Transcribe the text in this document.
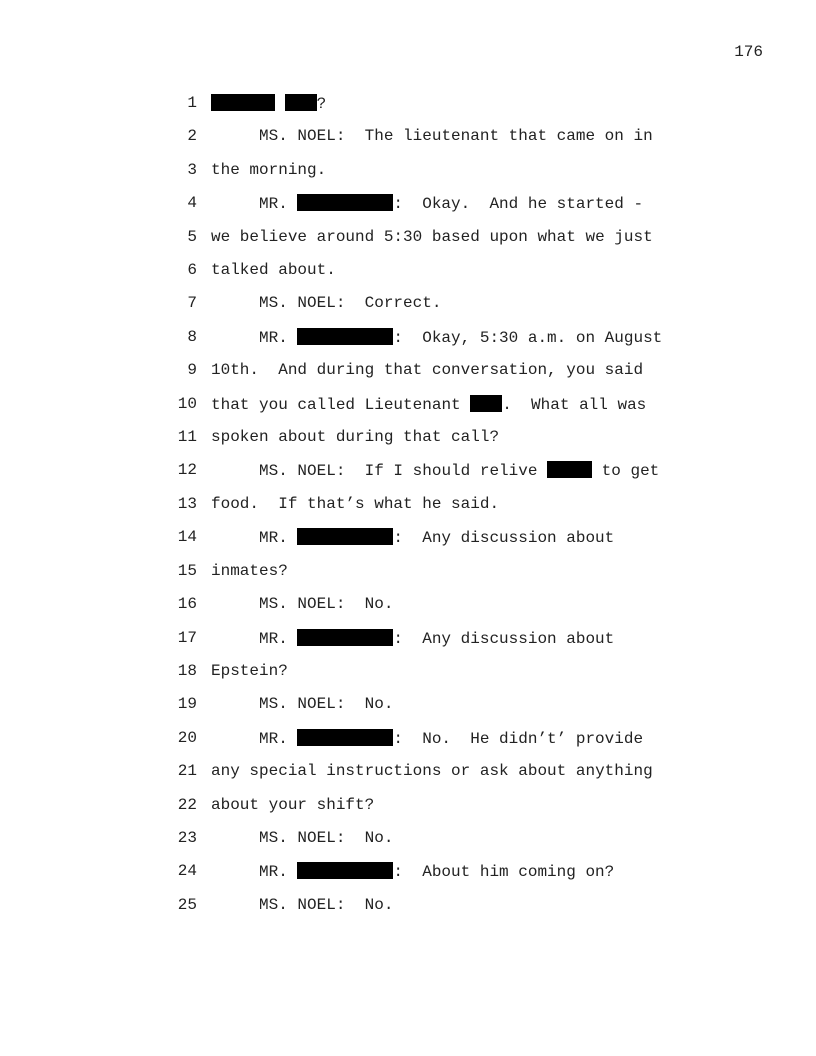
176
1	?
2 MS. NOEL:  The lieutenant that came on in
3 the morning.
4 MR.	:  Okay.  And he started -
5 we believe around 5:30 based upon what we just
6 talked about.
7 MS. NOEL:  Correct.
8 MR.	:  Okay, 5:30 a.m. on August
9 10th.  And during that conversation, you said
10 that you called Lieutenant .  What all was
11 spoken about during that call?
12 MS. NOEL:  If I should relive	to get
13 food.  If that’s what he said.
14 MR.	:  Any discussion about
15 inmates?
16 MS. NOEL:  No.
17 MR.	:  Any discussion about
18 Epstein?
19 MS. NOEL:  No.
20 MR.	:  No.  He didn’t’ provide
21 any special instructions or ask about anything
22 about your shift?
23 MS. NOEL:  No.
24 MR.	:  About him coming on?
25 MS. NOEL:  No.
